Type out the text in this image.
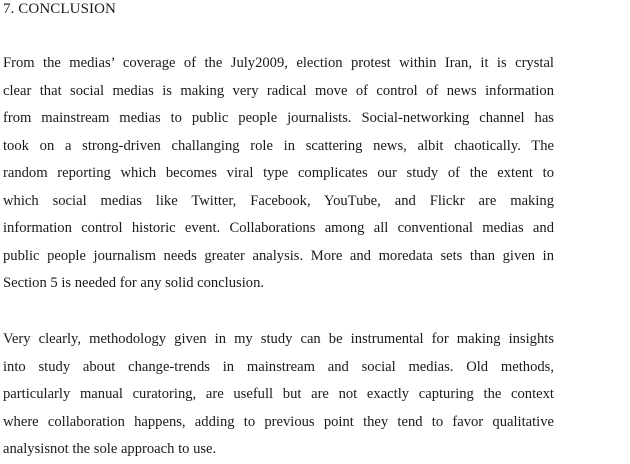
7. CONCLUSION

From the medias’ coverage of the July2009, election protest within Iran, it is crystal
clear that social medias is making very radical move of control of news information
from mainstream medias to public people journalists. Social-networking channel has
took on a strong-driven challanging role in scattering news, albit chaotically. The
random reporting which becomes viral type complicates our study of the extent to
which social medias like Twitter, Facebook, YouTube, and Flickr are making
information control historic event. Collaborations among all conventional medias and
public people journalism needs greater analysis. More and moredata sets than given in
Section 5 is needed for any solid conclusion.

Very clearly, methodology given in my study can be instrumental for making insights
into study about change-trends in mainstream and social medias. Old methods,
particularly manual curatoring, are usefull but are not exactly capturing the context
where collaboration happens, adding to previous point they tend to favor qualitative
analysisnot the sole approach to use.
